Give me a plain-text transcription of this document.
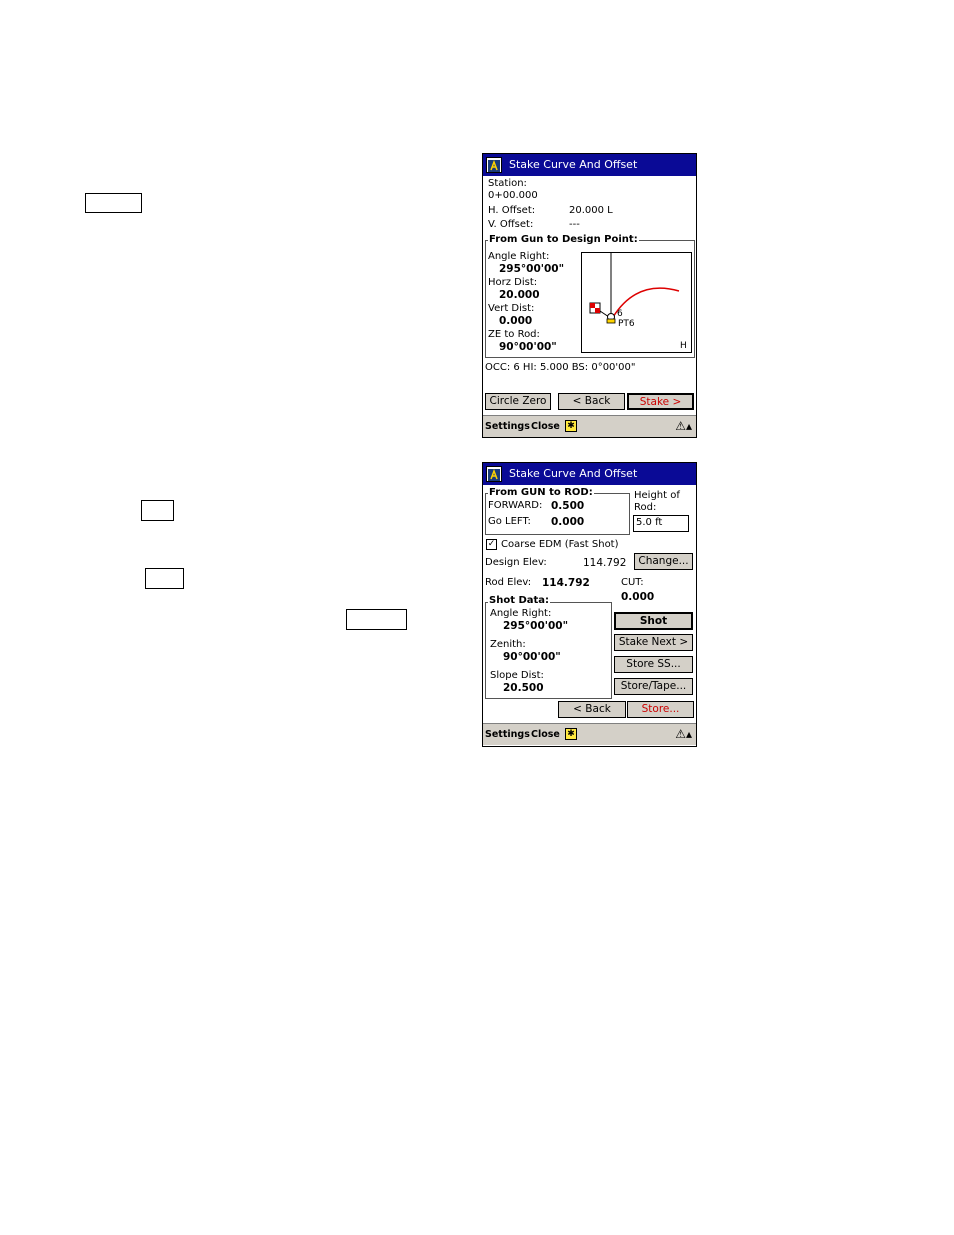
Stake Curve And Offset
Station:
0+00.000
H. Offset:	20.000 L
V. Offset:	---
From Gun to Design Point:
Angle Right:
295°00'00"
Horz Dist:
20.000
Vert Dist:
0.000
ZE to Rod:
90°00'00"
6
PT6
H
OCC: 6 HI: 5.000 BS: 0°00'00"
Circle Zero	< Back	Stake >
Settings Close ✱	⚠▴
Stake Curve And Offset
From GUN to ROD:
FORWARD: 0.500
Go LEFT: 0.000
Height of
Rod:
5.0 ft
✓ Coarse EDM (Fast Shot)
Design Elev:	114.792	Change...
Rod Elev: 114.792	CUT:
0.000
Shot Data:
Angle Right:
295°00'00"
Zenith:
90°00'00"
Slope Dist:
20.500
Shot
Stake Next >
Store SS...
Store/Tape...
< Back	Store...
Settings Close ✱	⚠▴
